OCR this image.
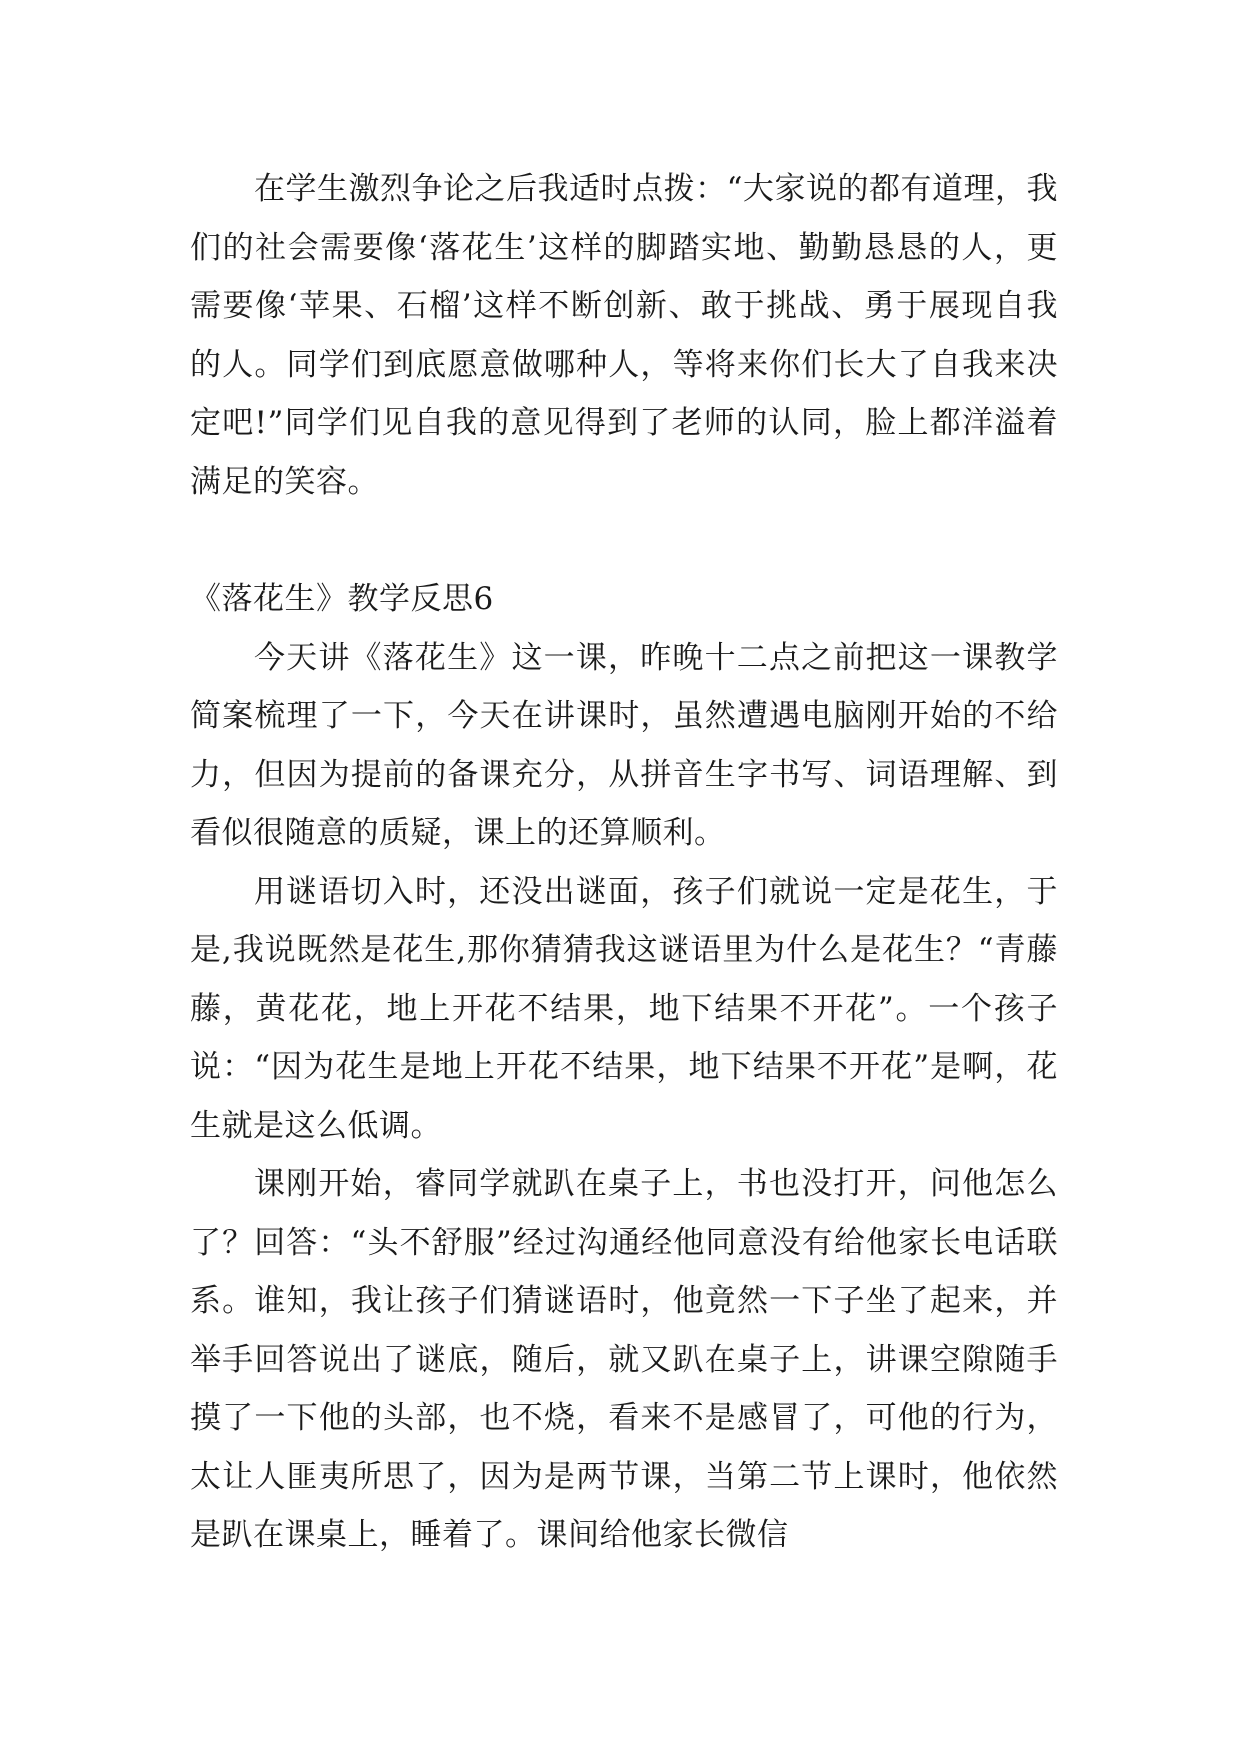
在学生激烈争论之后我适时点拨：“大家说的都有道理，我们的社会需要像‘落花生’这样的脚踏实地、勤勤恳恳的人，更需要像‘苹果、石榴’这样不断创新、敢于挑战、勇于展现自我的人。同学们到底愿意做哪种人，等将来你们长大了自我来决定吧!”同学们见自我的意见得到了老师的认同，脸上都洋溢着满足的笑容。

《落花生》教学反思6

今天讲《落花生》这一课，昨晚十二点之前把这一课教学简案梳理了一下，今天在讲课时，虽然遭遇电脑刚开始的不给力，但因为提前的备课充分，从拼音生字书写、词语理解、到看似很随意的质疑，课上的还算顺利。

用谜语切入时，还没出谜面，孩子们就说一定是花生，于是,我说既然是花生,那你猜猜我这谜语里为什么是花生？“青藤藤，黄花花，地上开花不结果，地下结果不开花”。一个孩子说：“因为花生是地上开花不结果，地下结果不开花”是啊，花生就是这么低调。

课刚开始，睿同学就趴在桌子上，书也没打开，问他怎么了？回答：“头不舒服”经过沟通经他同意没有给他家长电话联系。谁知，我让孩子们猜谜语时，他竟然一下子坐了起来，并举手回答说出了谜底，随后，就又趴在桌子上，讲课空隙随手摸了一下他的头部，也不烧，看来不是感冒了，可他的行为，太让人匪夷所思了，因为是两节课，当第二节上课时，他依然是趴在课桌上，睡着了。课间给他家长微信
